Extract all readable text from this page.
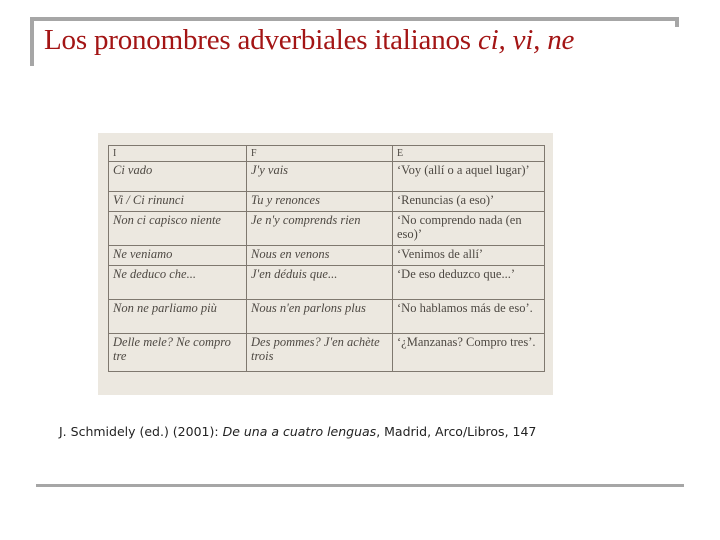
Los pronombres adverbiales italianos ci, vi, ne
I	F	E
Ci vado	J'y vais	‘Voy (allí o a aquel lugar)’
Vi / Ci rinunci	Tu y renonces	‘Renuncias (a eso)’
Non ci capisco niente	Je n'y comprends rien	‘No comprendo nada (en eso)’
Ne veniamo	Nous en venons	‘Venimos de allí’
Ne deduco che...	J'en déduis que...	‘De eso deduzco que...’
Non ne parliamo più	Nous n'en parlons plus	‘No hablamos más de eso’.
Delle mele? Ne compro tre	Des pommes? J'en achète trois	‘¿Manzanas? Compro tres’.
J. Schmidely (ed.) (2001): De una a cuatro lenguas, Madrid, Arco/Libros, 147
